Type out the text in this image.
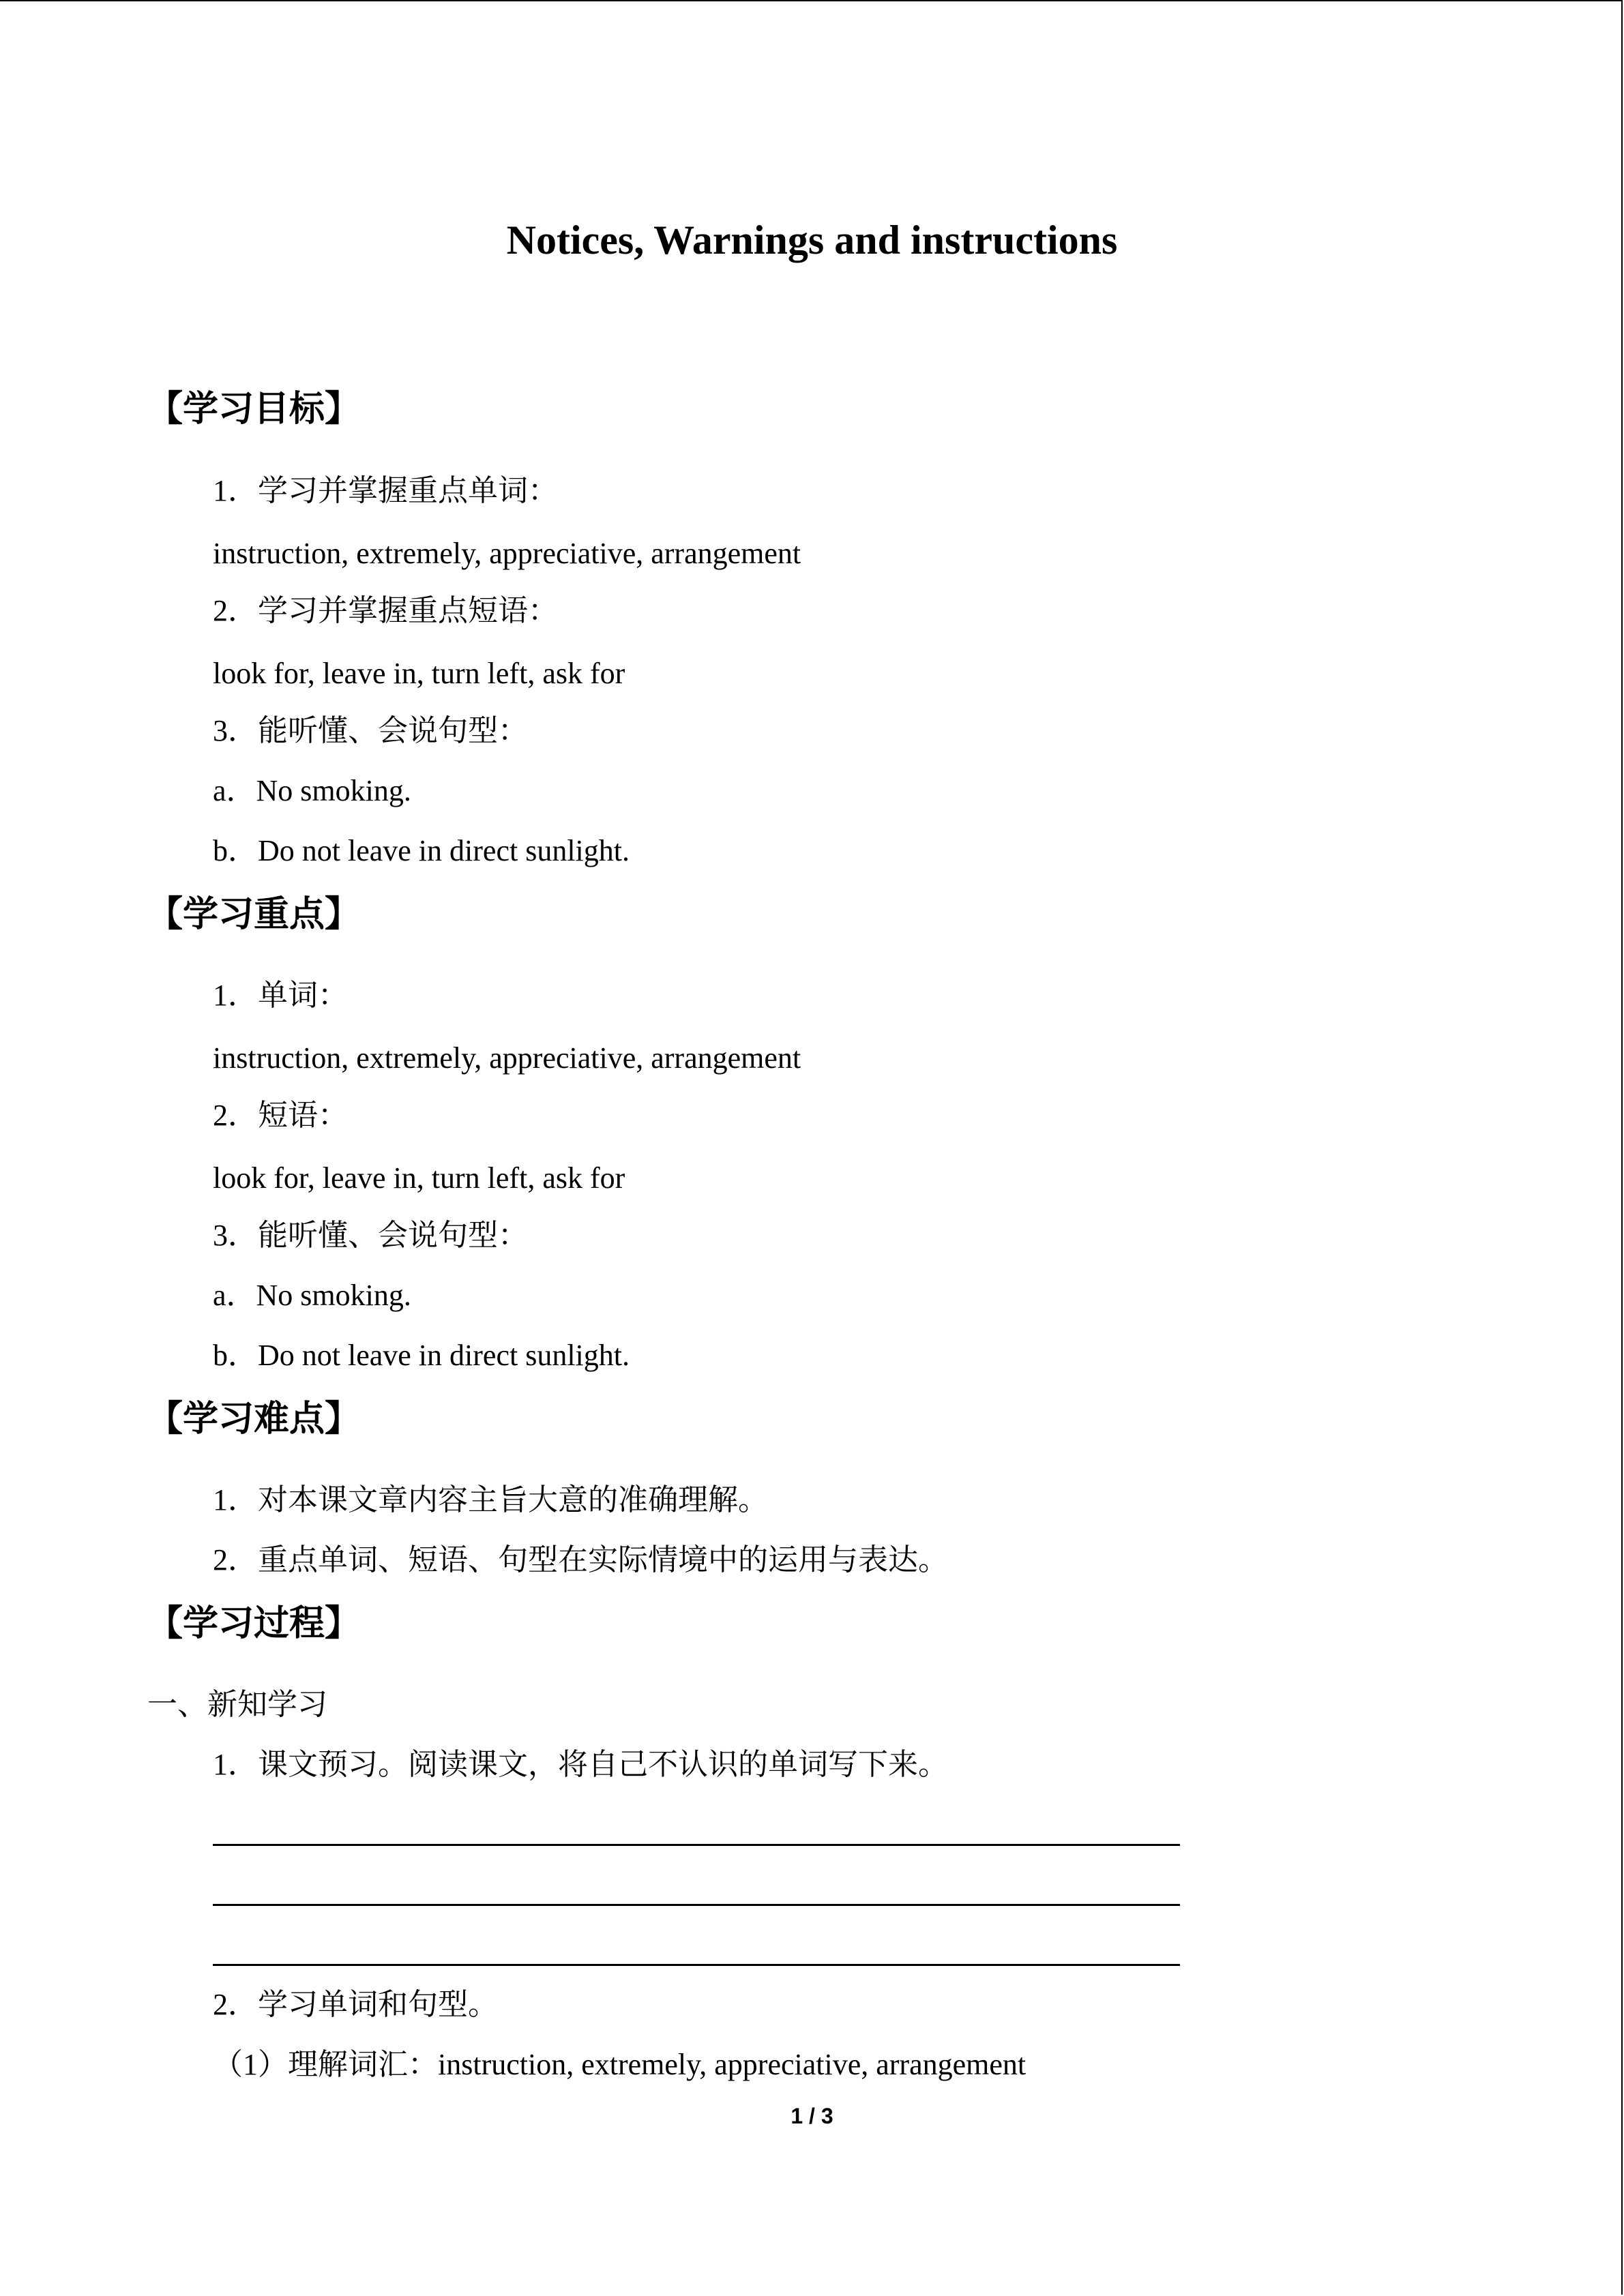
Notices, Warnings and instructions
【学习目标】

1．学习并掌握重点单词：

instruction, extremely, appreciative, arrangement

2．学习并掌握重点短语：

look for, leave in, turn left, ask for

3．能听懂、会说句型：

a．No smoking.

b．Do not leave in direct sunlight.

【学习重点】

1．单词：

instruction, extremely, appreciative, arrangement

2．短语：

look for, leave in, turn left, ask for

3．能听懂、会说句型：

a．No smoking.

b．Do not leave in direct sunlight.

【学习难点】

1．对本课文章内容主旨大意的准确理解。

2．重点单词、短语、句型在实际情境中的运用与表达。

【学习过程】

一、新知学习

1．课文预习。阅读课文，将自己不认识的单词写下来。

2．学习单词和句型。

（1）理解词汇：instruction, extremely, appreciative, arrangement

1 / 3
